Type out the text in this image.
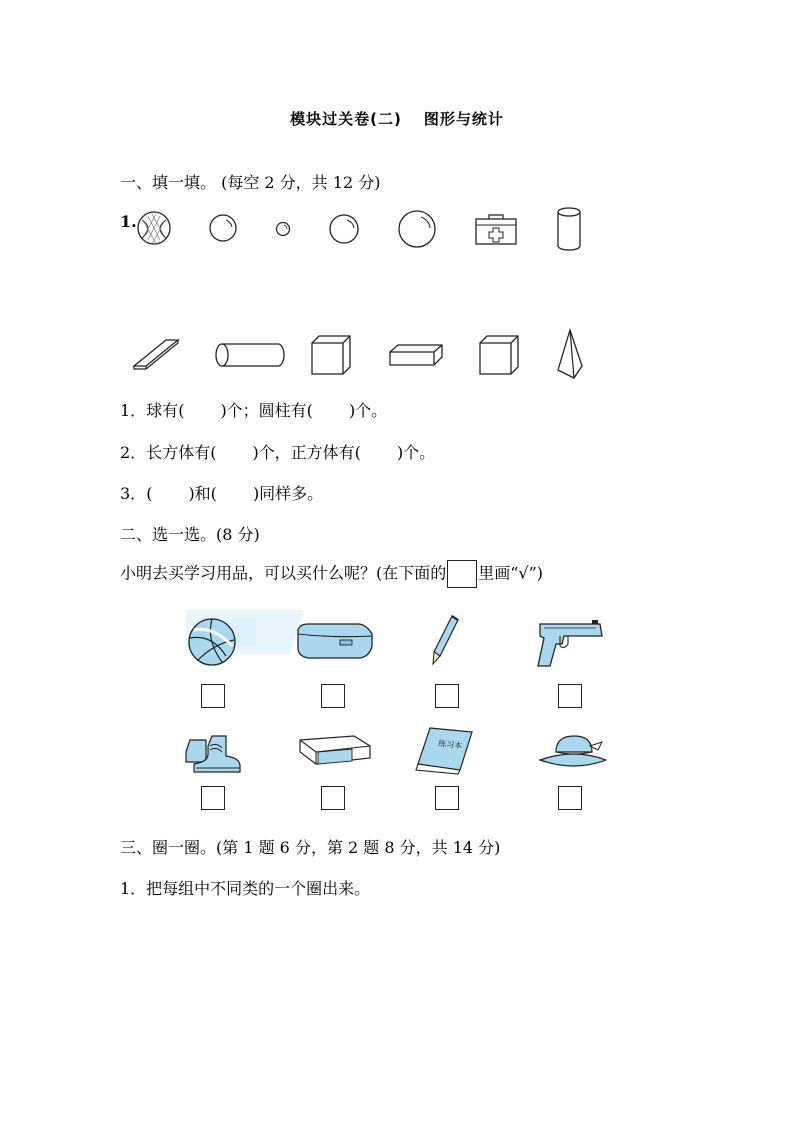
模块过关卷(二) 图形与统计
一、填一填。 (每空 2 分，共 12 分)
1.
1．球有( )个；圆柱有( )个。
2．长方体有( )个，正方体有( )个。
3．( )和( )同样多。
二、选一选。(8 分)
小明去买学习用品，可以买什么呢？(在下面的 里画“√”)
练习本
三、圈一圈。(第 1 题 6 分，第 2 题 8 分，共 14 分)
1．把每组中不同类的一个圈出来。
